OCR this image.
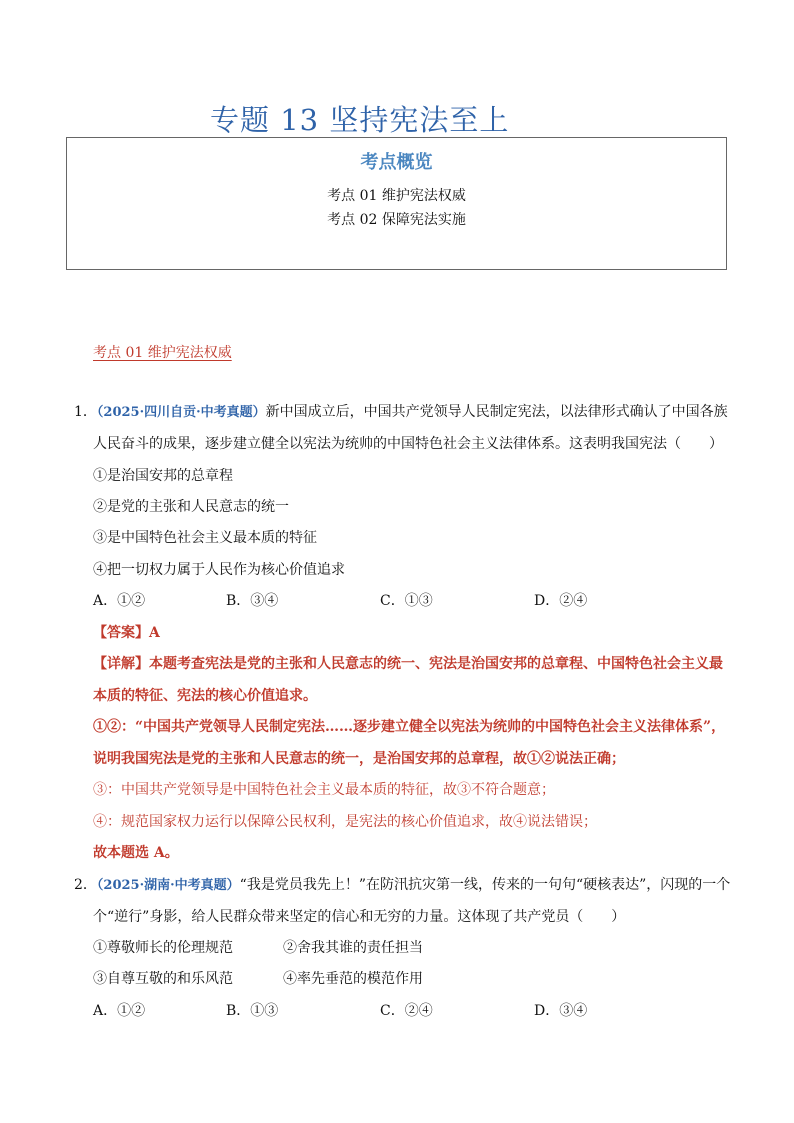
专题 13 坚持宪法至上
考点概览
考点 01 维护宪法权威
考点 02 保障宪法实施
考点 01 维护宪法权威
1．（2025·四川自贡·中考真题）新中国成立后，中国共产党领导人民制定宪法，以法律形式确认了中国各族
人民奋斗的成果，逐步建立健全以宪法为统帅的中国特色社会主义法律体系。这表明我国宪法（　　）
①是治国安邦的总章程
②是党的主张和人民意志的统一
③是中国特色社会主义最本质的特征
④把一切权力属于人民作为核心价值追求
A．①②	B．③④	C．①③	D．②④
【答案】A
【详解】本题考查宪法是党的主张和人民意志的统一、宪法是治国安邦的总章程、中国特色社会主义最
本质的特征、宪法的核心价值追求。
①②：“中国共产党领导人民制定宪法……逐步建立健全以宪法为统帅的中国特色社会主义法律体系”，
说明我国宪法是党的主张和人民意志的统一，是治国安邦的总章程，故①②说法正确；
③：中国共产党领导是中国特色社会主义最本质的特征，故③不符合题意；
④：规范国家权力运行以保障公民权利，是宪法的核心价值追求，故④说法错误；
故本题选 A。
2．（2025·湖南·中考真题）“我是党员我先上！”在防汛抗灾第一线，传来的一句句“硬核表达”，闪现的一个
个“逆行”身影，给人民群众带来坚定的信心和无穷的力量。这体现了共产党员（　　）
①尊敬师长的伦理规范	②舍我其谁的责任担当
③自尊互敬的和乐风范	④率先垂范的模范作用
A．①②	B．①③	C．②④	D．③④
